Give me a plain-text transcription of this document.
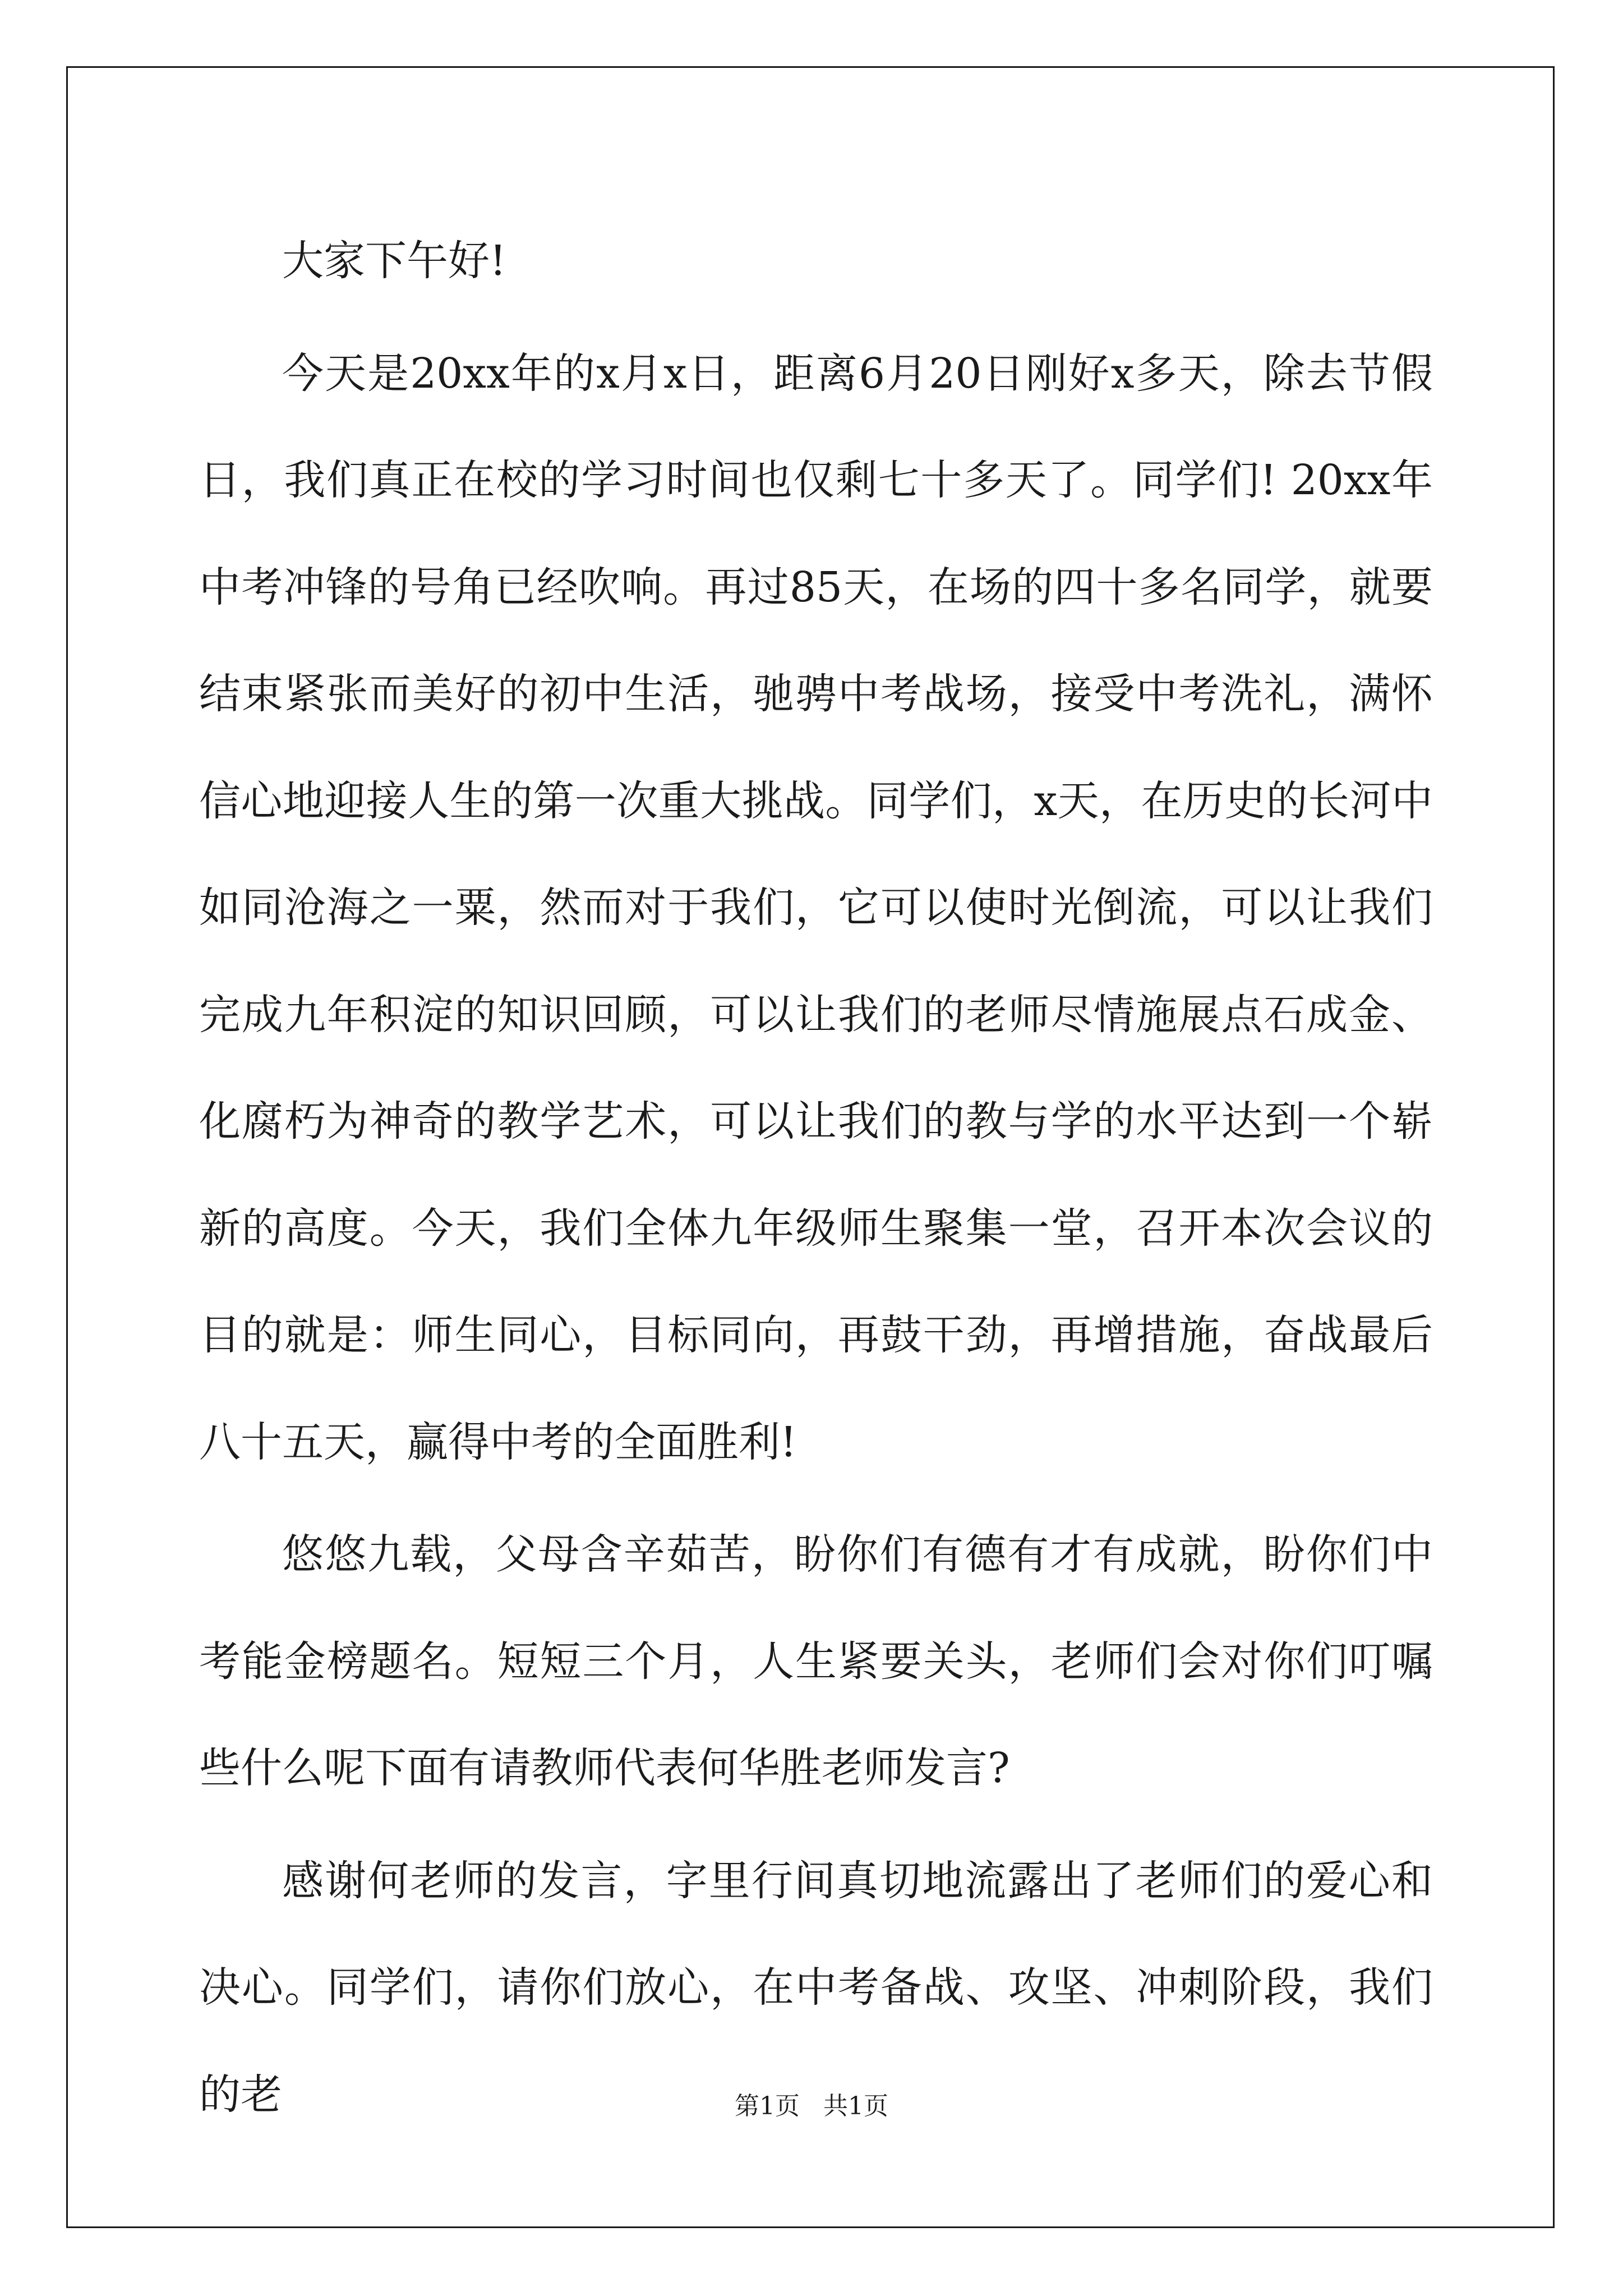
大家下午好!

今天是20xx年的x月x日，距离6月20日刚好x多天，除去节假日，我们真正在校的学习时间也仅剩七十多天了。同学们! 20xx年中考冲锋的号角已经吹响。再过85天，在场的四十多名同学，就要结束紧张而美好的初中生活，驰骋中考战场，接受中考洗礼，满怀信心地迎接人生的第一次重大挑战。同学们，x天，在历史的长河中如同沧海之一粟，然而对于我们，它可以使时光倒流，可以让我们完成九年积淀的知识回顾，可以让我们的老师尽情施展点石成金、化腐朽为神奇的教学艺术，可以让我们的教与学的水平达到一个崭新的高度。今天，我们全体九年级师生聚集一堂，召开本次会议的目的就是：师生同心，目标同向，再鼓干劲，再增措施，奋战最后八十五天，赢得中考的全面胜利!

悠悠九载，父母含辛茹苦，盼你们有德有才有成就，盼你们中考能金榜题名。短短三个月，人生紧要关头，老师们会对你们叮嘱些什么呢下面有请教师代表何华胜老师发言?

感谢何老师的发言，字里行间真切地流露出了老师们的爱心和决心。同学们，请你们放心，在中考备战、攻坚、冲刺阶段，我们的老	第1页   共1页
